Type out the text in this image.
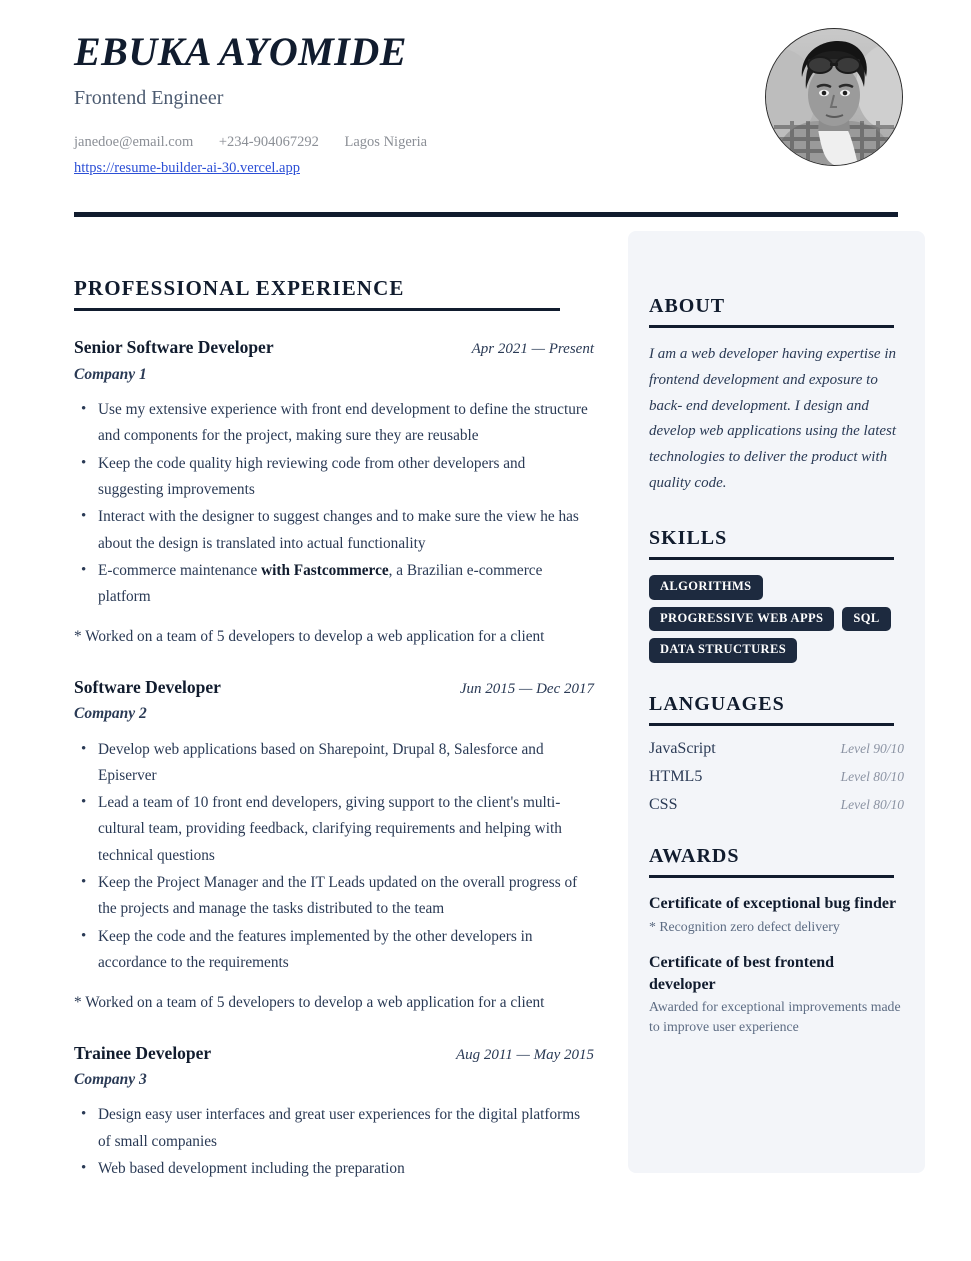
EBUKA AYOMIDE
Frontend Engineer
janedoe@email.com +234-904067292 Lagos Nigeria
https://resume-builder-ai-30.vercel.app
PROFESSIONAL EXPERIENCE
Senior Software Developer	Apr 2021 — Present
Company 1
• Use my extensive experience with front end development to define the structure and components for the project, making sure they are reusable
• Keep the code quality high reviewing code from other developers and suggesting improvements
• Interact with the designer to suggest changes and to make sure the view he has about the design is translated into actual functionality
• E-commerce maintenance with Fastcommerce, a Brazilian e-commerce platform
* Worked on a team of 5 developers to develop a web application for a client
Software Developer	Jun 2015 — Dec 2017
Company 2
• Develop web applications based on Sharepoint, Drupal 8, Salesforce and Episerver
• Lead a team of 10 front end developers, giving support to the client's multi-cultural team, providing feedback, clarifying requirements and helping with technical questions
• Keep the Project Manager and the IT Leads updated on the overall progress of the projects and manage the tasks distributed to the team
• Keep the code and the features implemented by the other developers in accordance to the requirements
* Worked on a team of 5 developers to develop a web application for a client
Trainee Developer	Aug 2011 — May 2015
Company 3
• Design easy user interfaces and great user experiences for the digital platforms of small companies
• Web based development including the preparation
ABOUT
I am a web developer having expertise in frontend development and exposure to back- end development. I design and develop web applications using the latest technologies to deliver the product with quality code.
SKILLS
ALGORITHMS
PROGRESSIVE WEB APPS	SQL
DATA STRUCTURES
LANGUAGES
JavaScript	Level 90/10
HTML5	Level 80/10
CSS	Level 80/10
AWARDS
Certificate of exceptional bug finder
* Recognition zero defect delivery
Certificate of best frontend developer
Awarded for exceptional improvements made to improve user experience
